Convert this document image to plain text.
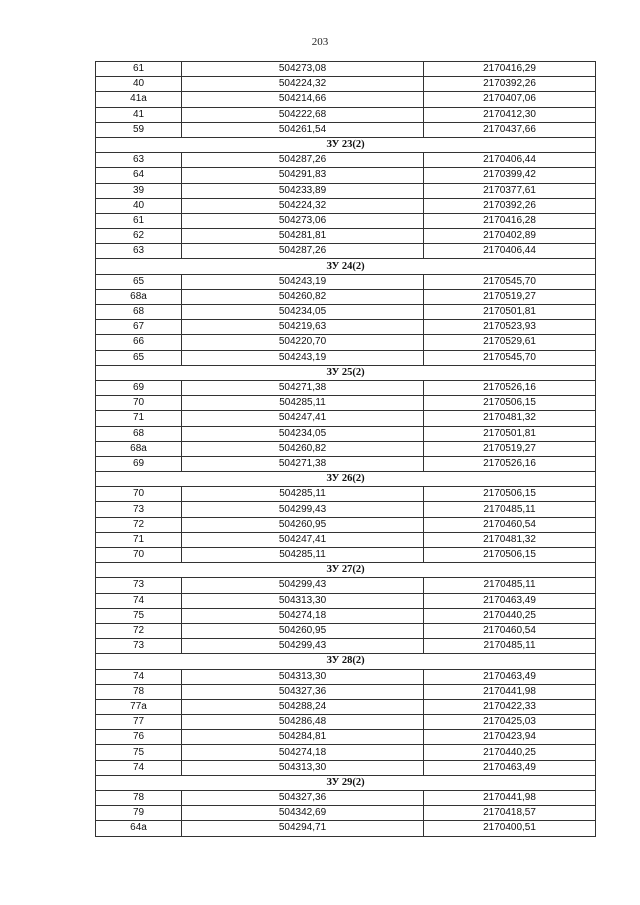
203
61	504273,08	2170416,29
40	504224,32	2170392,26
41а	504214,66	2170407,06
41	504222,68	2170412,30
59	504261,54	2170437,66
ЗУ 23(2)		
63	504287,26	2170406,44
64	504291,83	2170399,42
39	504233,89	2170377,61
40	504224,32	2170392,26
61	504273,06	2170416,28
62	504281,81	2170402,89
63	504287,26	2170406,44
ЗУ 24(2)		
65	504243,19	2170545,70
68а	504260,82	2170519,27
68	504234,05	2170501,81
67	504219,63	2170523,93
66	504220,70	2170529,61
65	504243,19	2170545,70
ЗУ 25(2)		
69	504271,38	2170526,16
70	504285,11	2170506,15
71	504247,41	2170481,32
68	504234,05	2170501,81
68а	504260,82	2170519,27
69	504271,38	2170526,16
ЗУ 26(2)		
70	504285,11	2170506,15
73	504299,43	2170485,11
72	504260,95	2170460,54
71	504247,41	2170481,32
70	504285,11	2170506,15
ЗУ 27(2)		
73	504299,43	2170485,11
74	504313,30	2170463,49
75	504274,18	2170440,25
72	504260,95	2170460,54
73	504299,43	2170485,11
ЗУ 28(2)		
74	504313,30	2170463,49
78	504327,36	2170441,98
77а	504288,24	2170422,33
77	504286,48	2170425,03
76	504284,81	2170423,94
75	504274,18	2170440,25
74	504313,30	2170463,49
ЗУ 29(2)		
78	504327,36	2170441,98
79	504342,69	2170418,57
64а	504294,71	2170400,51
